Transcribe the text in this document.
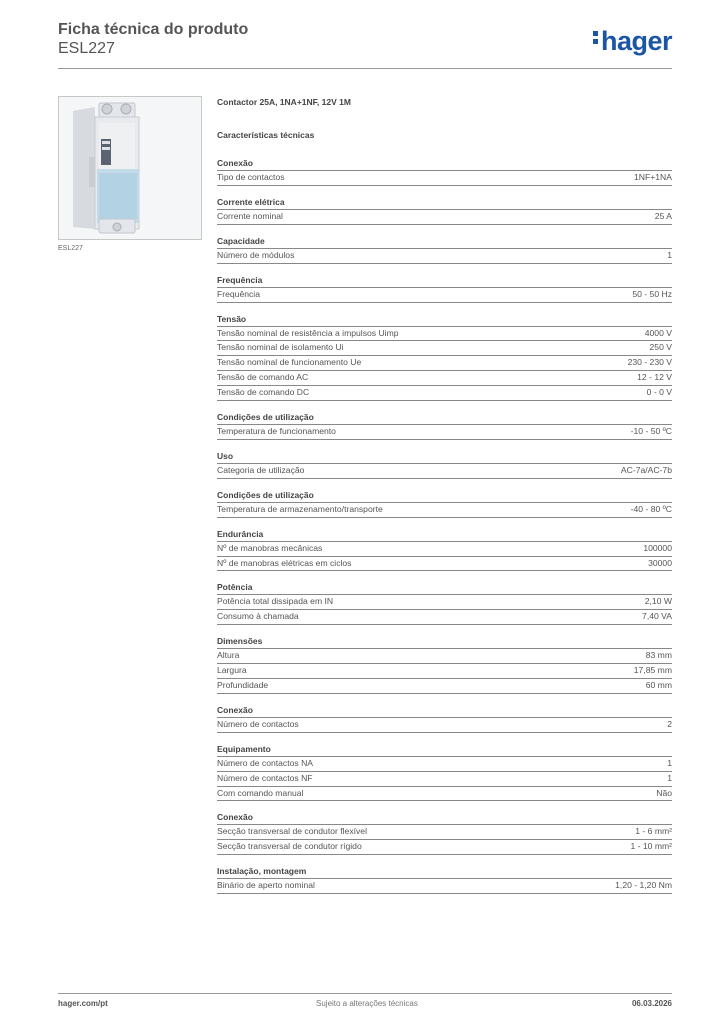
Ficha técnica do produto
ESL227	hager
ESL227
Contactor 25A, 1NA+1NF, 12V 1M
Características técnicas
Conexão
Tipo de contactos	1NF+1NA
Corrente elétrica
Corrente nominal	25 A
Capacidade
Número de módulos	1
Frequência
Frequência	50 - 50 Hz
Tensão
Tensão nominal de resistência a impulsos Uimp	4000 V
Tensão nominal de isolamento Ui	250 V
Tensão nominal de funcionamento Ue	230 - 230 V
Tensão de comando AC	12 - 12 V
Tensão de comando DC	0 - 0 V
Condições de utilização
Temperatura de funcionamento	-10 - 50 ºC
Uso
Categoria de utilização	AC-7a/AC-7b
Condições de utilização
Temperatura de armazenamento/transporte	-40 - 80 ºC
Endurância
Nº de manobras mecânicas	100000
Nº de manobras elétricas em ciclos	30000
Potência
Potência total dissipada em IN	2,10 W
Consumo à chamada	7,40 VA
Dimensões
Altura	83 mm
Largura	17,85 mm
Profundidade	60 mm
Conexão
Número de contactos	2
Equipamento
Número de contactos NA	1
Número de contactos NF	1
Com comando manual	Não
Conexão
Secção transversal de condutor flexível	1 - 6 mm²
Secção transversal de condutor rígido	1 - 10 mm²
Instalação, montagem
Binário de aperto nominal	1,20 - 1,20 Nm
hager.com/pt	Sujeito a alterações técnicas	06.03.2026
